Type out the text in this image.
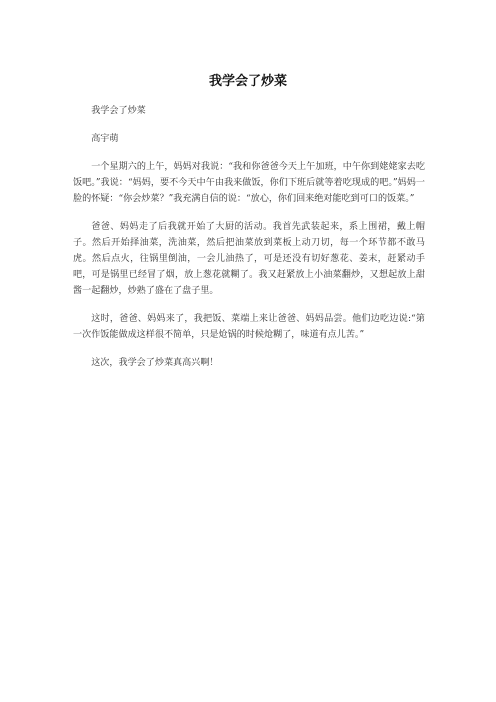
我学会了炒菜

我学会了炒菜

高宇萌

一个星期六的上午，妈妈对我说：“我和你爸爸今天上午加班，中午你到姥姥家去吃饭吧。”我说：“妈妈，要不今天中午由我来做饭，你们下班后就等着吃现成的吧。”妈妈一脸的怀疑：“你会炒菜？”我充满自信的说：“放心，你们回来绝对能吃到可口的饭菜。”

爸爸、妈妈走了后我就开始了大厨的活动。我首先武装起来，系上围裙，戴上帽子。然后开始择油菜，洗油菜，然后把油菜放到菜板上动刀切，每一个环节都不敢马虎。然后点火，往锅里倒油，一会儿油热了，可是还没有切好葱花、姜末，赶紧动手吧，可是锅里已经冒了烟，放上葱花就糊了。我又赶紧放上小油菜翻炒，又想起放上甜酱一起翻炒，炒熟了盛在了盘子里。

这时，爸爸、妈妈来了，我把饭、菜端上来让爸爸、妈妈品尝。他们边吃边说:“第一次作饭能做成这样很不简单，只是炝锅的时候炝糊了，味道有点儿苦。”

这次，我学会了炒菜真高兴啊！
